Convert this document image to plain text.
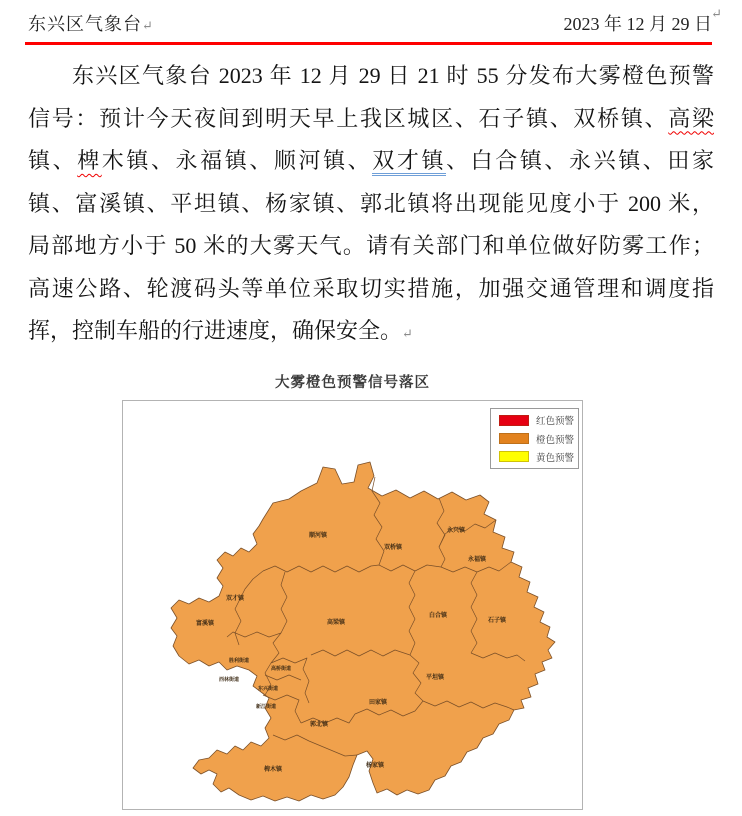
东兴区气象台↵	2023 年 12 月 29 日
↵
东兴区气象台 2023 年 12 月 29 日 21 时 55 分发布大雾橙色预警
信号：预计今天夜间到明天早上我区城区、石子镇、双桥镇、高梁
镇、椑木镇、永福镇、顺河镇、双才镇、白合镇、永兴镇、田家
镇、富溪镇、平坦镇、杨家镇、郭北镇将出现能见度小于 200 米，
局部地方小于 50 米的大雾天气。请有关部门和单位做好防雾工作；
高速公路、轮渡码头等单位采取切实措施，加强交通管理和调度指
挥，控制车船的行进速度，确保安全。↵
大雾橙色预警信号落区
顺河镇
双桥镇
永兴镇
永福镇
双才镇
富溪镇	高梁镇
白合镇
石子镇
胜利街道
高桥街道
西林街道
东兴街道
新江街道
郭北镇
田家镇
平坦镇
杨家镇
椑木镇
红色预警
橙色预警
黄色预警
